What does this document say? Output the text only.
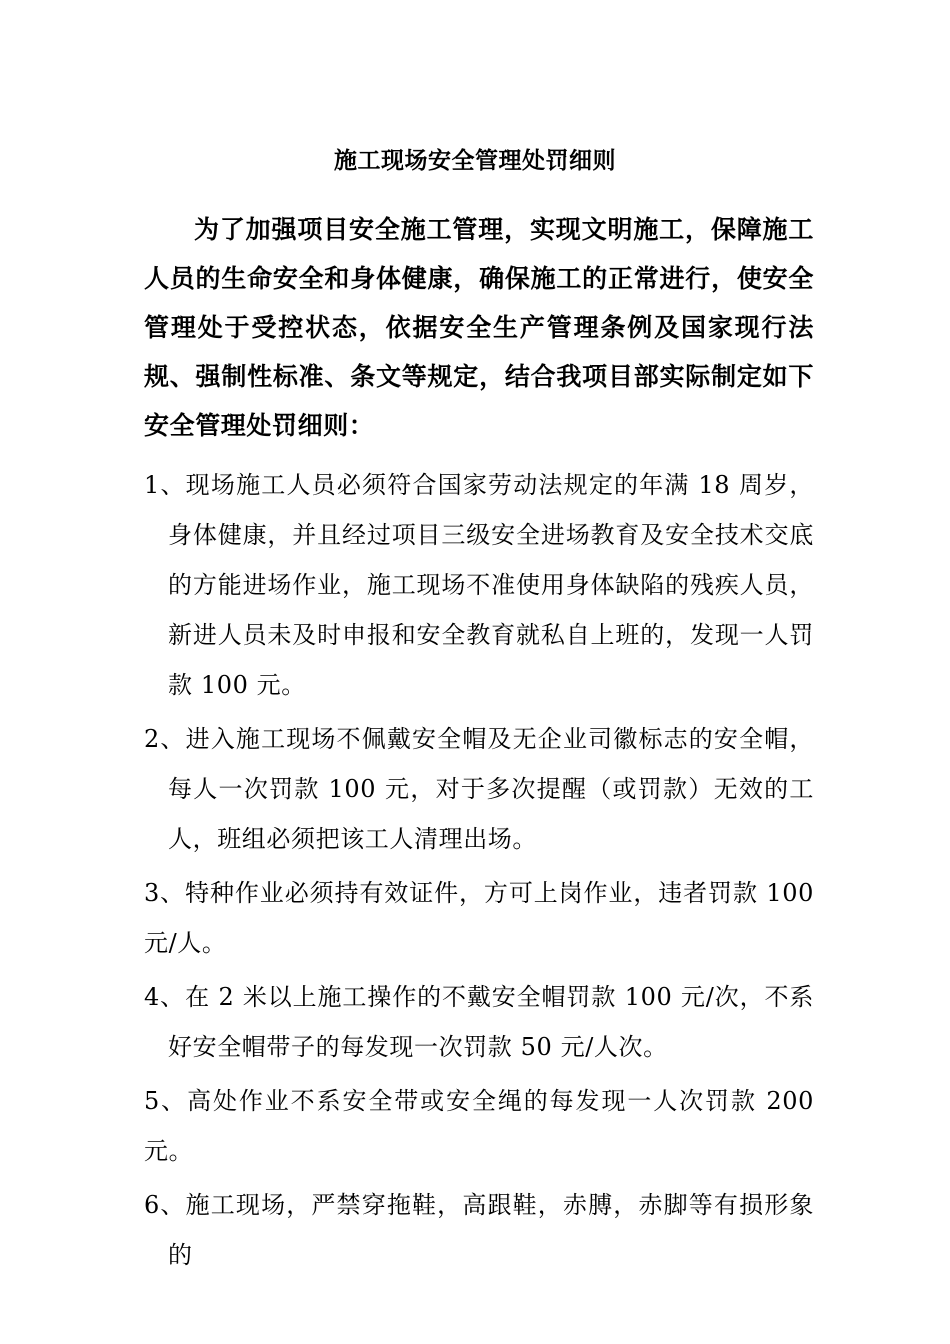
施工现场安全管理处罚细则
为了加强项目安全施工管理，实现文明施工，保障施工人员的生命安全和身体健康，确保施工的正常进行，使安全管理处于受控状态，依据安全生产管理条例及国家现行法规、强制性标准、条文等规定，结合我项目部实际制定如下安全管理处罚细则：
1、现场施工人员必须符合国家劳动法规定的年满 18 周岁，身体健康，并且经过项目三级安全进场教育及安全技术交底的方能进场作业，施工现场不准使用身体缺陷的残疾人员，新进人员未及时申报和安全教育就私自上班的，发现一人罚款 100 元。
2、进入施工现场不佩戴安全帽及无企业司徽标志的安全帽，每人一次罚款 100 元，对于多次提醒（或罚款）无效的工人，班组必须把该工人清理出场。
3、特种作业必须持有效证件，方可上岗作业，违者罚款 100 元/人。
4、在 2 米以上施工操作的不戴安全帽罚款 100 元/次，不系好安全帽带子的每发现一次罚款 50 元/人次。
5、高处作业不系安全带或安全绳的每发现一人次罚款 200 元。
6、施工现场，严禁穿拖鞋，高跟鞋，赤膊，赤脚等有损形象的
